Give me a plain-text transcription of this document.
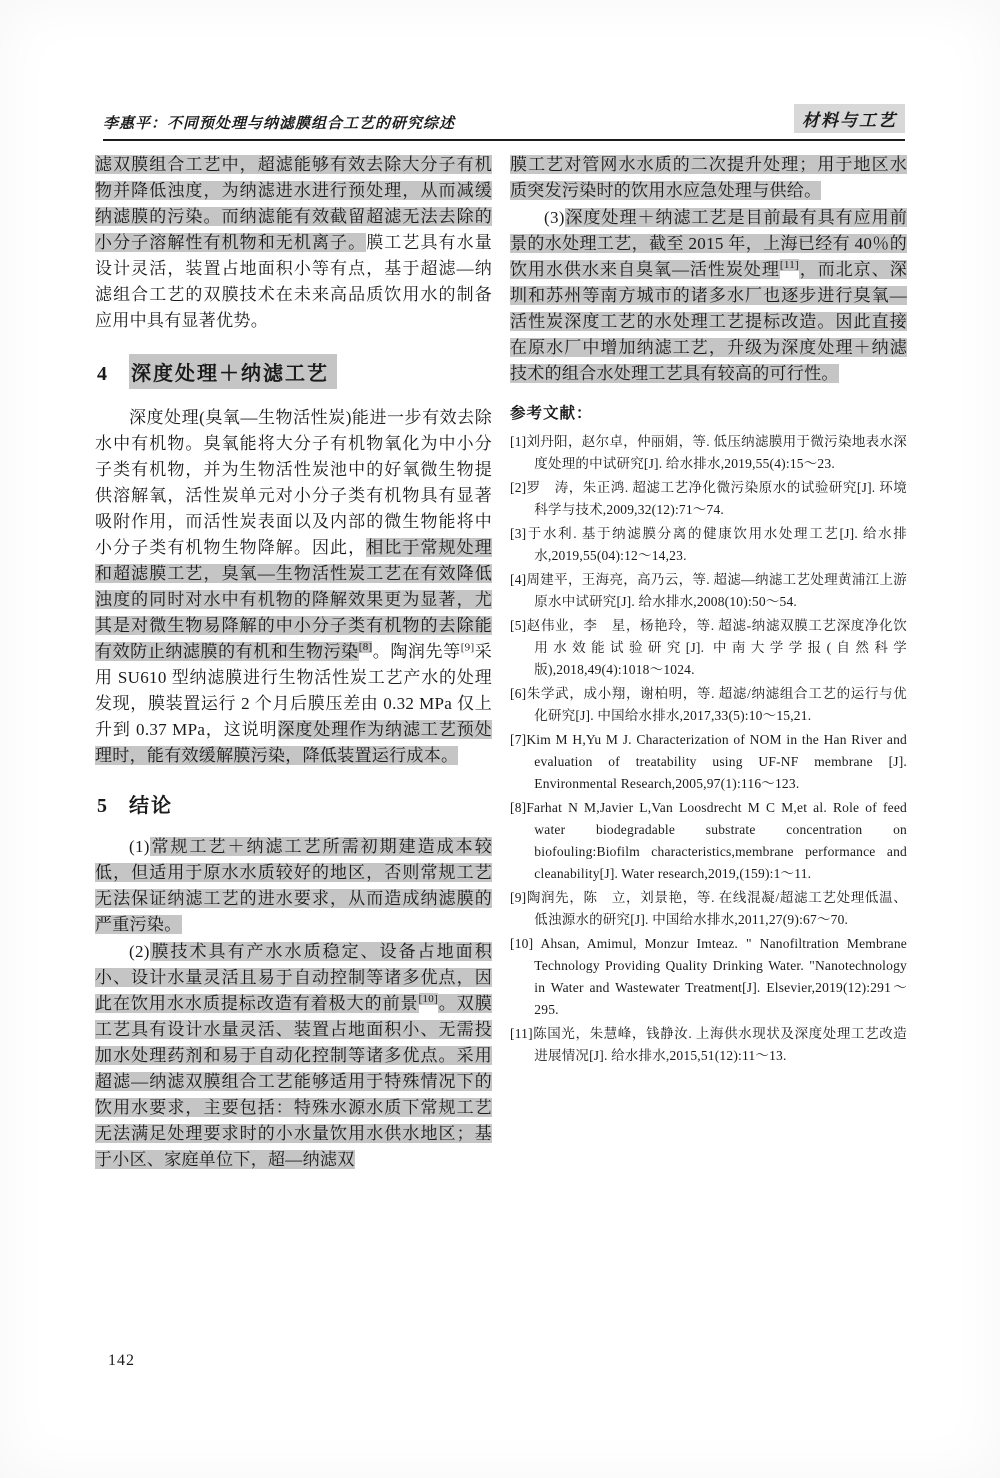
李惠平：不同预处理与纳滤膜组合工艺的研究综述	材料与工艺

滤双膜组合工艺中，超滤能够有效去除大分子有机物并降低浊度，为纳滤进水进行预处理，从而减缓纳滤膜的污染。而纳滤能有效截留超滤无法去除的小分子溶解性有机物和无机离子。膜工艺具有水量设计灵活，装置占地面积小等有点，基于超滤—纳滤组合工艺的双膜技术在未来高品质饮用水的制备应用中具有显著优势。

4 深度处理＋纳滤工艺

深度处理(臭氧—生物活性炭)能进一步有效去除水中有机物。臭氧能将大分子有机物氧化为中小分子类有机物，并为生物活性炭池中的好氧微生物提供溶解氧，活性炭单元对小分子类有机物具有显著吸附作用，而活性炭表面以及内部的微生物能将中小分子类有机物生物降解。因此，相比于常规处理和超滤膜工艺，臭氧—生物活性炭工艺在有效降低浊度的同时对水中有机物的降解效果更为显著，尤其是对微生物易降解的中小分子类有机物的去除能有效防止纳滤膜的有机和生物污染[8]。陶润先等[9]采用 SU610 型纳滤膜进行生物活性炭工艺产水的处理发现，膜装置运行 2 个月后膜压差由 0.32 MPa 仅上升到 0.37 MPa，这说明深度处理作为纳滤工艺预处理时，能有效缓解膜污染，降低装置运行成本。

5 结论

(1)常规工艺＋纳滤工艺所需初期建造成本较低，但适用于原水水质较好的地区，否则常规工艺无法保证纳滤工艺的进水要求，从而造成纳滤膜的严重污染。

(2)膜技术具有产水水质稳定、设备占地面积小、设计水量灵活且易于自动控制等诸多优点，因此在饮用水水质提标改造有着极大的前景[10]。双膜工艺具有设计水量灵活、装置占地面积小、无需投加水处理药剂和易于自动化控制等诸多优点。采用超滤—纳滤双膜组合工艺能够适用于特殊情况下的饮用水要求，主要包括：特殊水源水质下常规工艺无法满足处理要求时的小水量饮用水供水地区；基于小区、家庭单位下，超—纳滤双

膜工艺对管网水水质的二次提升处理；用于地区水质突发污染时的饮用水应急处理与供给。

(3)深度处理＋纳滤工艺是目前最有具有应用前景的水处理工艺，截至 2015 年，上海已经有 40％的饮用水供水来自臭氧—活性炭处理[11]，而北京、深圳和苏州等南方城市的诸多水厂也逐步进行臭氧—活性炭深度工艺的水处理工艺提标改造。因此直接在原水厂中增加纳滤工艺，升级为深度处理＋纳滤技术的组合水处理工艺具有较高的可行性。

参考文献：
[1]刘丹阳，赵尔卓，仲丽娟，等. 低压纳滤膜用于微污染地表水深度处理的中试研究[J]. 给水排水,2019,55(4):15～23.
[2]罗　涛，朱正鸿. 超滤工艺净化微污染原水的试验研究[J]. 环境科学与技术,2009,32(12):71～74.
[3]于水利. 基于纳滤膜分离的健康饮用水处理工艺[J]. 给水排水,2019,55(04):12～14,23.
[4]周建平，王海亮，高乃云，等. 超滤—纳滤工艺处理黄浦江上游原水中试研究[J]. 给水排水,2008(10):50～54.
[5]赵伟业，李　星，杨艳玲，等. 超滤-纳滤双膜工艺深度净化饮用水效能试验研究[J]. 中南大学学报(自然科学版),2018,49(4):1018～1024.
[6]朱学武，成小翔，谢柏明，等. 超滤/纳滤组合工艺的运行与优化研究[J]. 中国给水排水,2017,33(5):10～15,21.
[7]Kim M H,Yu M J. Characterization of NOM in the Han River and evaluation of treatability using UF-NF membrane [J]. Environmental Research,2005,97(1):116～123.
[8]Farhat N M,Javier L,Van Loosdrecht M C M,et al. Role of feed water biodegradable substrate concentration on biofouling:Biofilm characteristics,membrane performance and cleanability[J]. Water research,2019,(159):1～11.
[9]陶润先，陈　立，刘景艳，等. 在线混凝/超滤工艺处理低温、低浊源水的研究[J]. 中国给水排水,2011,27(9):67～70.
[10] Ahsan, Amimul, Monzur Imteaz. " Nanofiltration Membrane Technology Providing Quality Drinking Water. "Nanotechnology in Water and Wastewater Treatment[J]. Elsevier,2019(12):291～295.
[11]陈国光，朱慧峰，钱静汝. 上海供水现状及深度处理工艺改造进展情况[J]. 给水排水,2015,51(12):11～13.
142
